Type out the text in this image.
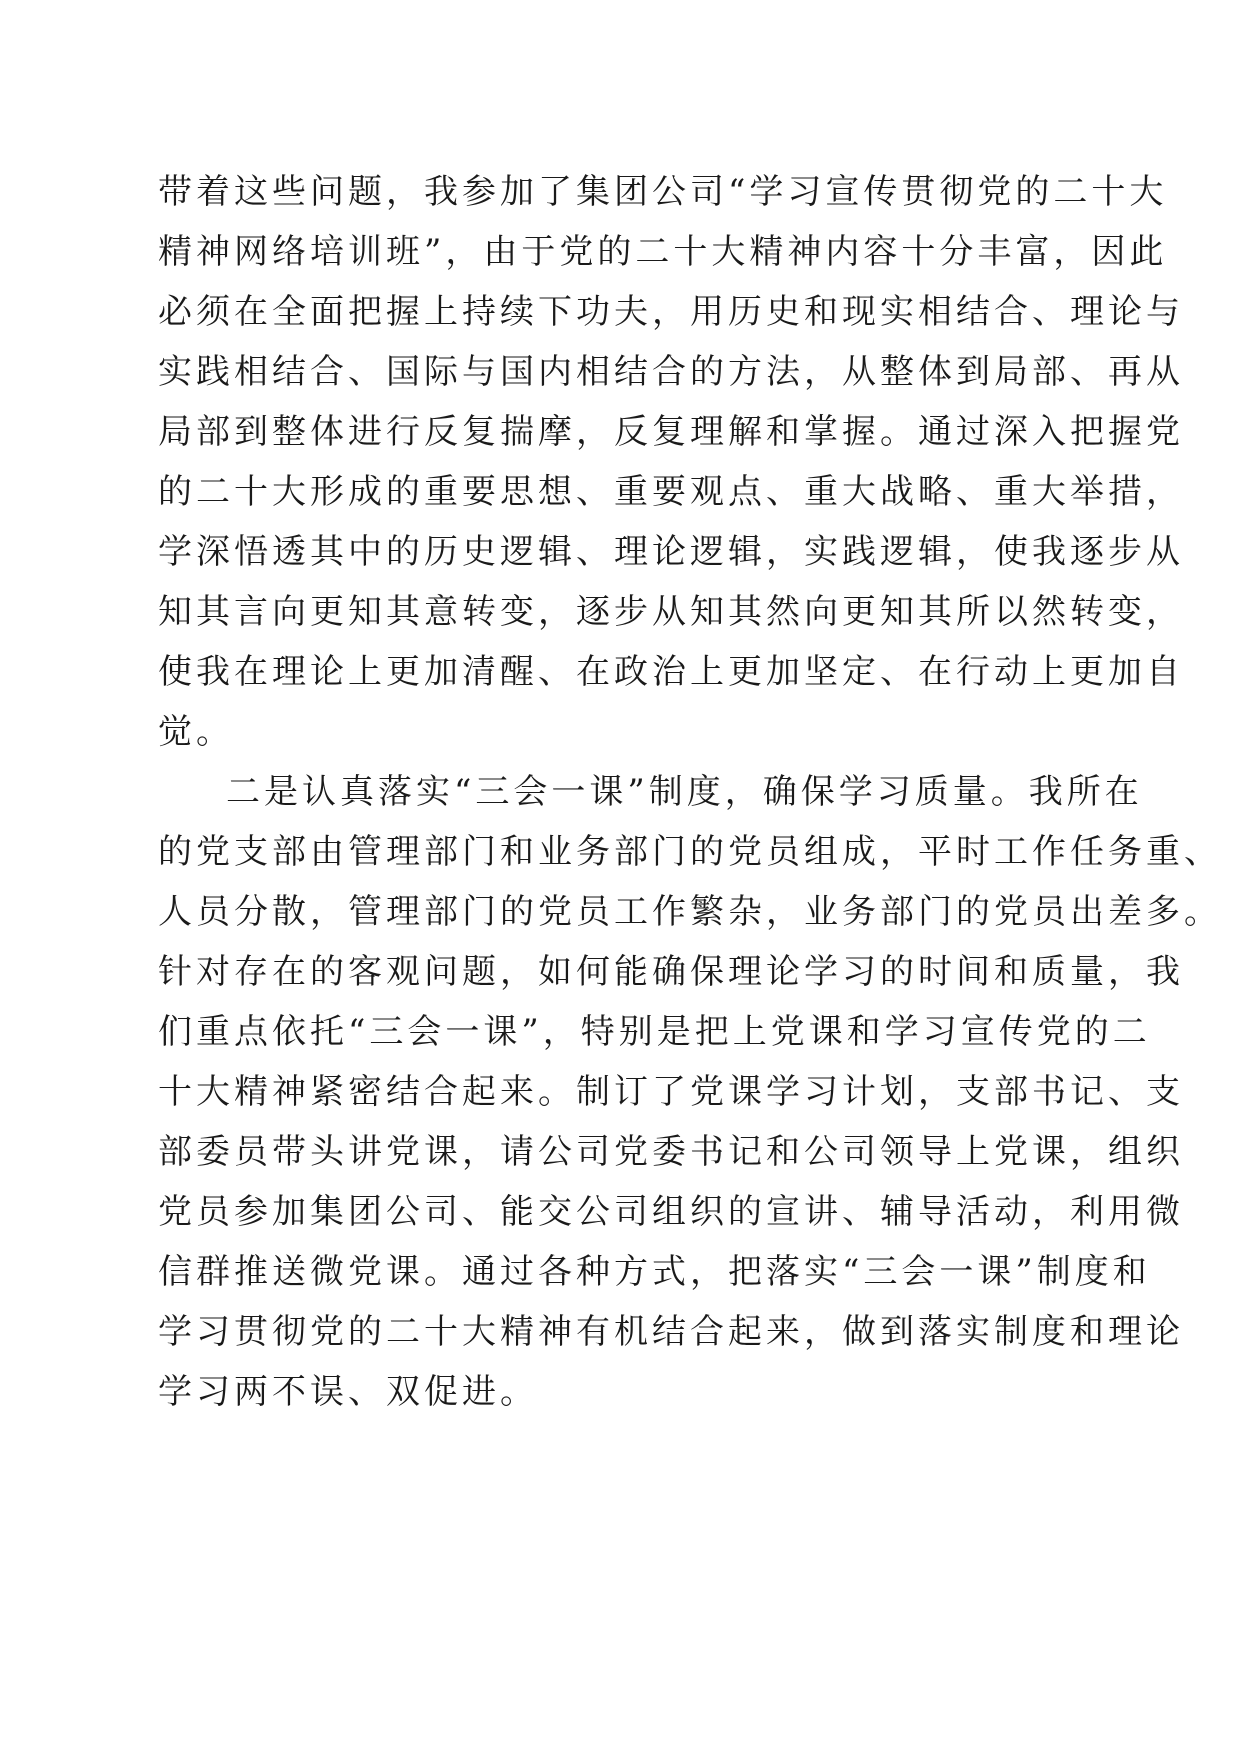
带着这些问题，我参加了集团公司“学习宣传贯彻党的二十大

精神网络培训班”，由于党的二十大精神内容十分丰富，因此

必须在全面把握上持续下功夫，用历史和现实相结合、理论与

实践相结合、国际与国内相结合的方法，从整体到局部、再从

局部到整体进行反复揣摩，反复理解和掌握。通过深入把握党

的二十大形成的重要思想、重要观点、重大战略、重大举措，

学深悟透其中的历史逻辑、理论逻辑，实践逻辑，使我逐步从

知其言向更知其意转变，逐步从知其然向更知其所以然转变，

使我在理论上更加清醒、在政治上更加坚定、在行动上更加自

觉。

二是认真落实“三会一课”制度，确保学习质量。我所在

的党支部由管理部门和业务部门的党员组成，平时工作任务重、

人员分散，管理部门的党员工作繁杂，业务部门的党员出差多。

针对存在的客观问题，如何能确保理论学习的时间和质量，我

们重点依托“三会一课”，特别是把上党课和学习宣传党的二

十大精神紧密结合起来。制订了党课学习计划，支部书记、支

部委员带头讲党课，请公司党委书记和公司领导上党课，组织

党员参加集团公司、能交公司组织的宣讲、辅导活动，利用微

信群推送微党课。通过各种方式，把落实“三会一课”制度和

学习贯彻党的二十大精神有机结合起来，做到落实制度和理论

学习两不误、双促进。
